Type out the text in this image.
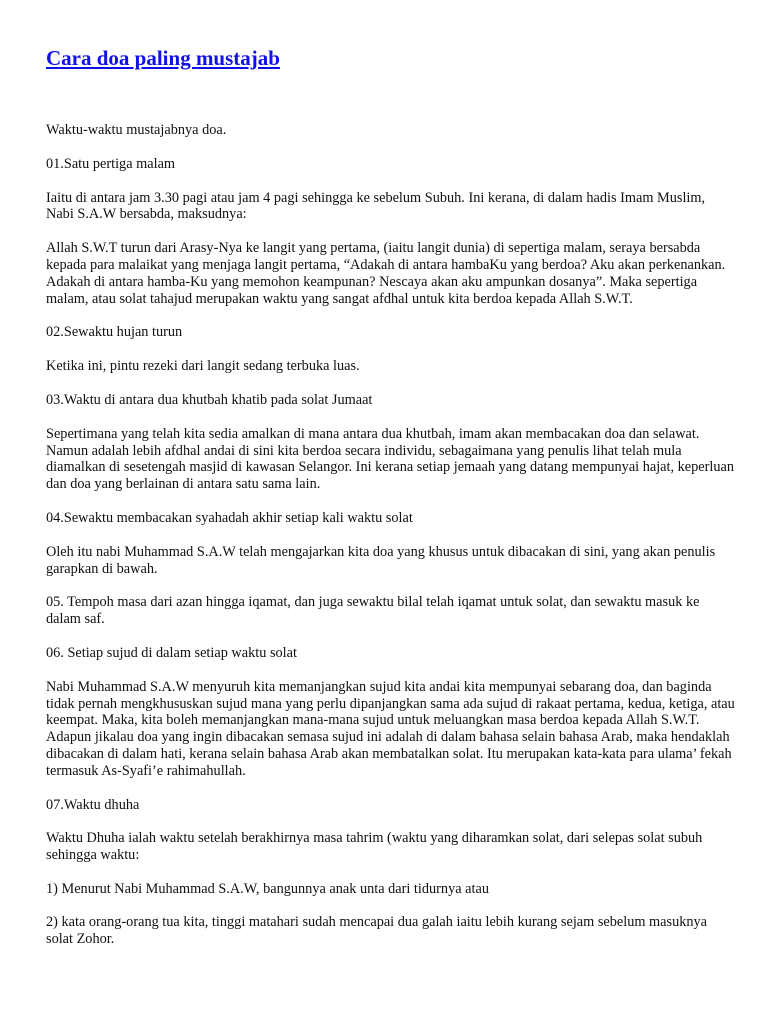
Cara doa paling mustajab

Waktu-waktu mustajabnya doa.

01.Satu pertiga malam

Iaitu di antara jam 3.30 pagi atau jam 4 pagi sehingga ke sebelum Subuh. Ini kerana, di dalam hadis Imam Muslim, Nabi S.A.W bersabda, maksudnya:

Allah S.W.T turun dari Arasy-Nya ke langit yang pertama, (iaitu langit dunia) di sepertiga malam, seraya bersabda kepada para malaikat yang menjaga langit pertama, “Adakah di antara hambaKu yang berdoa? Aku akan perkenankan. Adakah di antara hamba-Ku yang memohon keampunan? Nescaya akan aku ampunkan dosanya”. Maka sepertiga malam, atau solat tahajud merupakan waktu yang sangat afdhal untuk kita berdoa kepada Allah S.W.T.

02.Sewaktu hujan turun

Ketika ini, pintu rezeki dari langit sedang terbuka luas.

03.Waktu di antara dua khutbah khatib pada solat Jumaat

Sepertimana yang telah kita sedia amalkan di mana antara dua khutbah, imam akan membacakan doa dan selawat. Namun adalah lebih afdhal andai di sini kita berdoa secara individu, sebagaimana yang penulis lihat telah mula diamalkan di sesetengah masjid di kawasan Selangor. Ini kerana setiap jemaah yang datang mempunyai hajat, keperluan dan doa yang berlainan di antara satu sama lain.

04.Sewaktu membacakan syahadah akhir setiap kali waktu solat

Oleh itu nabi Muhammad S.A.W telah mengajarkan kita doa yang khusus untuk dibacakan di sini, yang akan penulis garapkan di bawah.

05. Tempoh masa dari azan hingga iqamat, dan juga sewaktu bilal telah iqamat untuk solat, dan sewaktu masuk ke dalam saf.

06. Setiap sujud di dalam setiap waktu solat

Nabi Muhammad S.A.W menyuruh kita memanjangkan sujud kita andai kita mempunyai sebarang doa, dan baginda tidak pernah mengkhususkan sujud mana yang perlu dipanjangkan sama ada sujud di rakaat pertama, kedua, ketiga, atau keempat. Maka, kita boleh memanjangkan mana-mana sujud untuk meluangkan masa berdoa kepada Allah S.W.T. Adapun jikalau doa yang ingin dibacakan semasa sujud ini adalah di dalam bahasa selain bahasa Arab, maka hendaklah dibacakan di dalam hati, kerana selain bahasa Arab akan membatalkan solat. Itu merupakan kata-kata para ulama’ fekah termasuk As-Syafi’e rahimahullah.

07.Waktu dhuha

Waktu Dhuha ialah waktu setelah berakhirnya masa tahrim (waktu yang diharamkan solat, dari selepas solat subuh sehingga waktu:

1) Menurut Nabi Muhammad S.A.W, bangunnya anak unta dari tidurnya atau

2) kata orang-orang tua kita, tinggi matahari sudah mencapai dua galah iaitu lebih kurang sejam sebelum masuknya solat Zohor.
